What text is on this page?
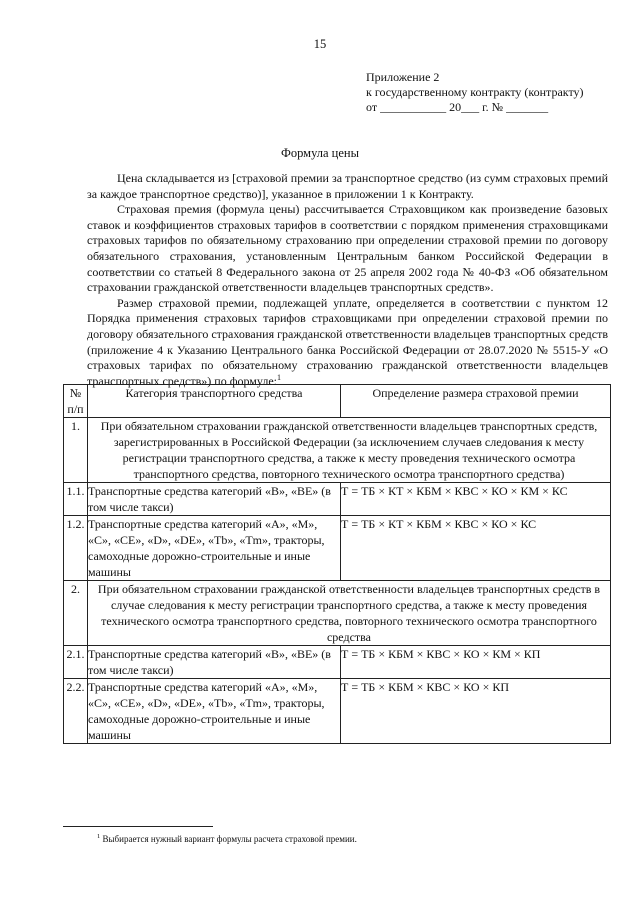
15
Приложение 2
к государственному контракту (контракту)
от ___________ 20___ г. № _______
Формула цены

Цена складывается из [страховой премии за транспортное средство (из сумм страховых премий за каждое транспортное средство)], указанное в приложении 1 к Контракту.

Страховая премия (формула цены) рассчитывается Страховщиком как произведение базовых ставок и коэффициентов страховых тарифов в соответствии с порядком применения страховщиками страховых тарифов по обязательному страхованию при определении страховой премии по договору обязательного страхования, установленным Центральным банком Российской Федерации в соответствии со статьей 8 Федерального закона от 25 апреля 2002 года № 40-ФЗ «Об обязательном страховании гражданской ответственности владельцев транспортных средств».

Размер страховой премии, подлежащей уплате, определяется в соответствии с пунктом 12 Порядка применения страховых тарифов страховщиками при определении страховой премии по договору обязательного страхования гражданской ответственности владельцев транспортных средств (приложение 4 к Указанию Центрального банка Российской Федерации от 28.07.2020 № 5515-У «О страховых тарифах по обязательному страхованию гражданской ответственности владельцев транспортных средств») по формуле:$^1$

№ п/п	Категория транспортного средства	Определение размера страховой премии
1.	При обязательном страховании гражданской ответственности владельцев транспортных средств, зарегистрированных в Российской Федерации (за исключением случаев следования к месту регистрации транспортного средства, а также к месту проведения технического осмотра транспортного средства, повторного технического осмотра транспортного средства)	
1.1.	Транспортные средства категорий «B», «BE» (в том числе такси)	Т = ТБ × КТ × КБМ × КВС × КО × КМ × КС
1.2.	Транспортные средства категорий «A», «M», «C», «CE», «D», «DE», «Tb», «Tm», тракторы, самоходные дорожно-строительные и иные машины	Т = ТБ × КТ × КБМ × КВС × КО × КС
2.	При обязательном страховании гражданской ответственности владельцев транспортных средств в случае следования к месту регистрации транспортного средства, а также к месту проведения технического осмотра транспортного средства, повторного технического осмотра транспортного средства	
2.1.	Транспортные средства категорий «B», «BE» (в том числе такси)	Т = ТБ × КБМ × КВС × КО × КМ × КП
2.2.	Транспортные средства категорий «A», «M», «C», «CE», «D», «DE», «Tb», «Tm», тракторы, самоходные дорожно-строительные и иные машины	Т = ТБ × КБМ × КВС × КО × КП
$^1$ Выбирается нужный вариант формулы расчета страховой премии.
